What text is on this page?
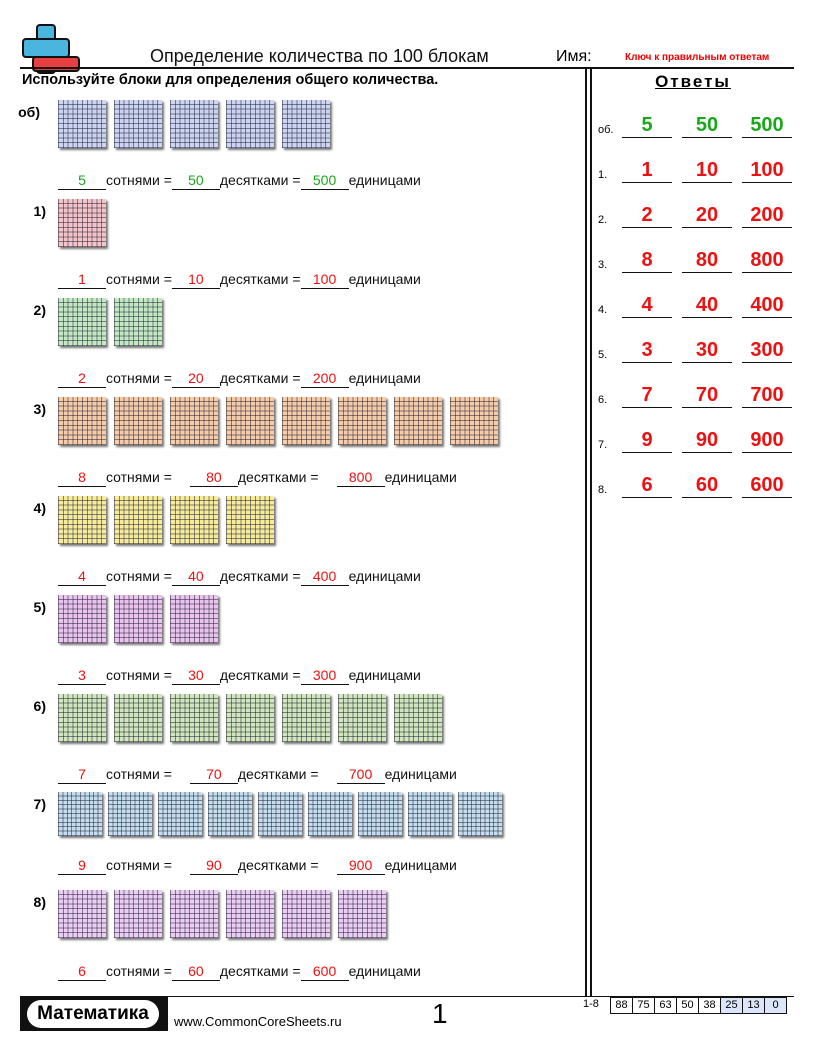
Определение количества по 100 блокам	Имя:	Ключ к правильным ответам
Используйте блоки для определения общего количества.	Ответы
Математика	www.CommonCoreSheets.ru	1	1-8	88 75 63 50 38 25 13	0
об)
5 сотнями = 50 десятками = 500 единицами
1)
1 сотнями = 10 десятками = 100 единицами
2)
2 сотнями = 20 десятками = 200 единицами
3)
8 сотнями = 80 десятками = 800 единицами
4)
4 сотнями = 40 десятками = 400 единицами
5)
3 сотнями = 30 десятками = 300 единицами
6)
7 сотнями = 70 десятками = 700 единицами
7)
9 сотнями = 90 десятками = 900 единицами
8)
6 сотнями = 60 десятками = 600 единицами
об.	5	50	500
1.	1	10	100
2.	2	20	200
3.	8	80	800
4.	4	40	400
5.	3	30	300
6.	7	70	700
7.	9	90	900
8.	6	60	600
